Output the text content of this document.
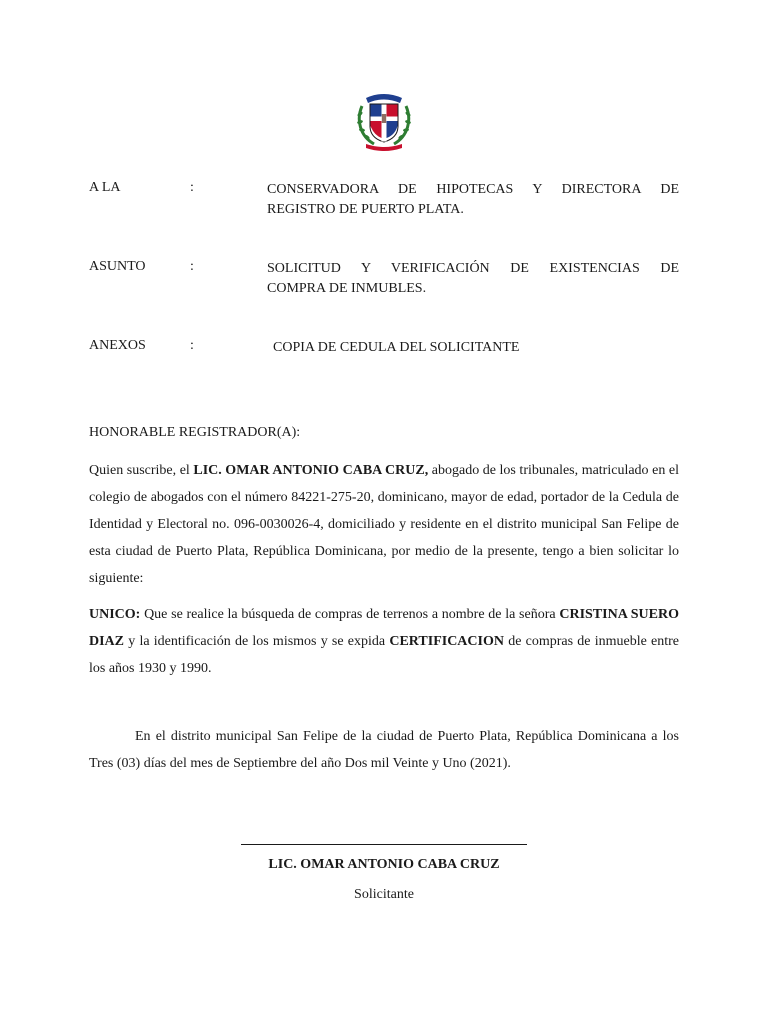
A LA	:	CONSERVADORA DE HIPOTECAS Y DIRECTORA DE
REGISTRO DE PUERTO PLATA.
ASUNTO	:	SOLICITUD Y VERIFICACIÓN DE EXISTENCIAS DE
COMPRA DE INMUBLES.
ANEXOS	:	COPIA DE CEDULA DEL SOLICITANTE
HONORABLE REGISTRADOR(A):

Quien suscribe, el LIC. OMAR ANTONIO CABA CRUZ, abogado de los tribunales, matriculado en el colegio de abogados con el número 84221-275-20, dominicano, mayor de edad, portador de la Cedula de Identidad y Electoral no. 096-0030026-4, domiciliado y residente en el distrito municipal San Felipe de esta ciudad de Puerto Plata, República Dominicana, por medio de la presente, tengo a bien solicitar lo siguiente:

UNICO: Que se realice la búsqueda de compras de terrenos a nombre de la señora CRISTINA SUERO DIAZ y la identificación de los mismos y se expida CERTIFICACION de compras de inmueble entre los años 1930 y 1990.

En el distrito municipal San Felipe de la ciudad de Puerto Plata, República Dominicana a los Tres (03) días del mes de Septiembre del año Dos mil Veinte y Uno (2021).

LIC. OMAR ANTONIO CABA CRUZ
Solicitante
